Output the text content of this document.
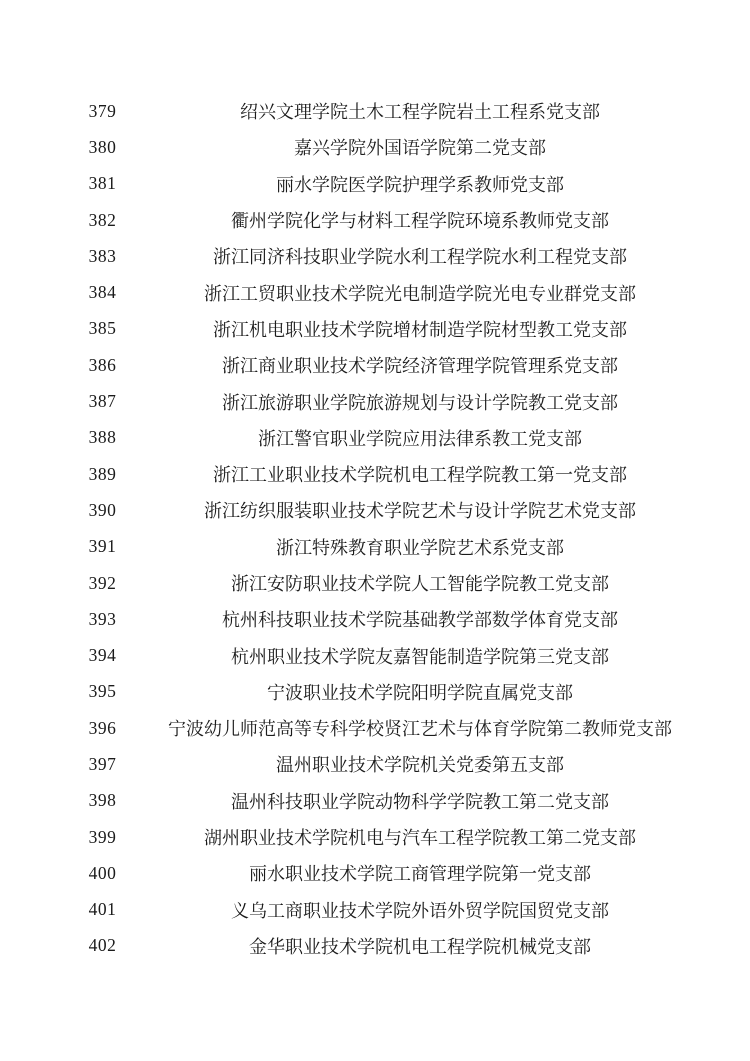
379	绍兴文理学院土木工程学院岩土工程系党支部
380	嘉兴学院外国语学院第二党支部
381	丽水学院医学院护理学系教师党支部
382	衢州学院化学与材料工程学院环境系教师党支部
383	浙江同济科技职业学院水利工程学院水利工程党支部
384	浙江工贸职业技术学院光电制造学院光电专业群党支部
385	浙江机电职业技术学院增材制造学院材型教工党支部
386	浙江商业职业技术学院经济管理学院管理系党支部
387	浙江旅游职业学院旅游规划与设计学院教工党支部
388	浙江警官职业学院应用法律系教工党支部
389	浙江工业职业技术学院机电工程学院教工第一党支部
390	浙江纺织服装职业技术学院艺术与设计学院艺术党支部
391	浙江特殊教育职业学院艺术系党支部
392	浙江安防职业技术学院人工智能学院教工党支部
393	杭州科技职业技术学院基础教学部数学体育党支部
394	杭州职业技术学院友嘉智能制造学院第三党支部
395	宁波职业技术学院阳明学院直属党支部
396	宁波幼儿师范高等专科学校贤江艺术与体育学院第二教师党支部
397	温州职业技术学院机关党委第五支部
398	温州科技职业学院动物科学学院教工第二党支部
399	湖州职业技术学院机电与汽车工程学院教工第二党支部
400	丽水职业技术学院工商管理学院第一党支部
401	义乌工商职业技术学院外语外贸学院国贸党支部
402	金华职业技术学院机电工程学院机械党支部
